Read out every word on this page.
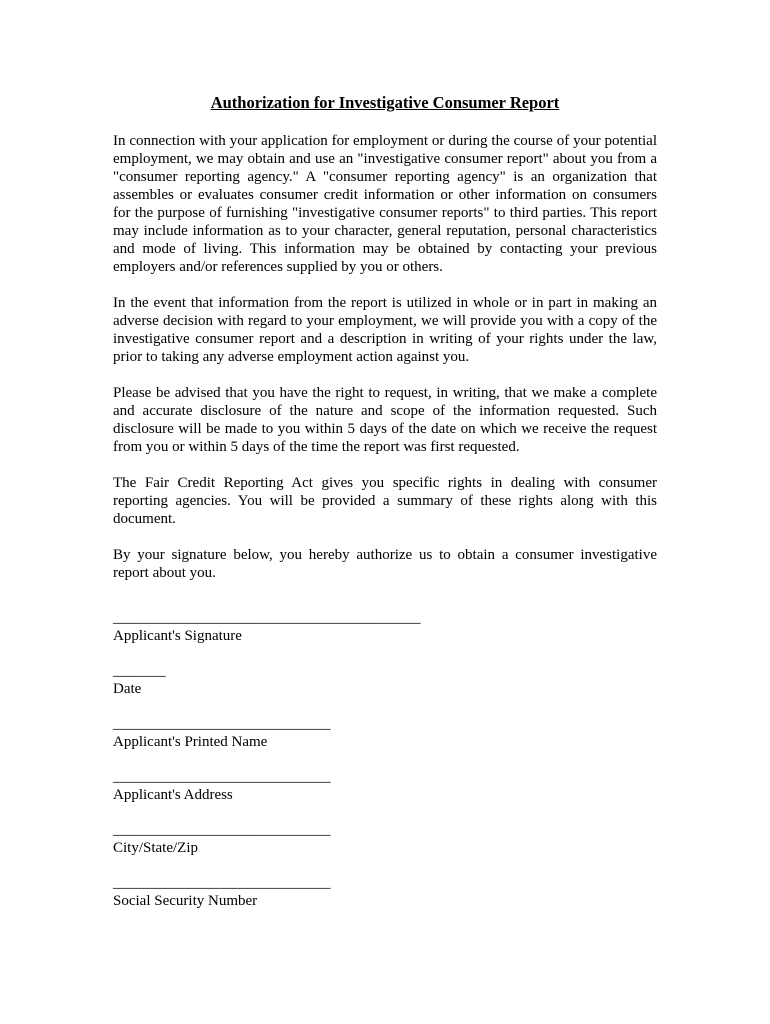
Authorization for Investigative Consumer Report

In connection with your application for employment or during the course of your potential employment, we may obtain and use an "investigative consumer report" about you from a "consumer reporting agency." A "consumer reporting agency" is an organization that assembles or evaluates consumer credit information or other information on consumers for the purpose of furnishing "investigative consumer reports" to third parties. This report may include information as to your character, general reputation, personal characteristics and mode of living. This information may be obtained by contacting your previous employers and/or references supplied by you or others.

In the event that information from the report is utilized in whole or in part in making an adverse decision with regard to your employment, we will provide you with a copy of the investigative consumer report and a description in writing of your rights under the law, prior to taking any adverse employment action against you.

Please be advised that you have the right to request, in writing, that we make a complete and accurate disclosure of the nature and scope of the information requested. Such disclosure will be made to you within 5 days of the date on which we receive the request from you or within 5 days of the time the report was first requested.

The Fair Credit Reporting Act gives you specific rights in dealing with consumer reporting agencies. You will be provided a summary of these rights along with this document.

By your signature below, you hereby authorize us to obtain a consumer investigative report about you.

_________________________________________
Applicant's Signature
_______
Date
_____________________________
Applicant's Printed Name
_____________________________
Applicant's Address
_____________________________
City/State/Zip
_____________________________
Social Security Number
